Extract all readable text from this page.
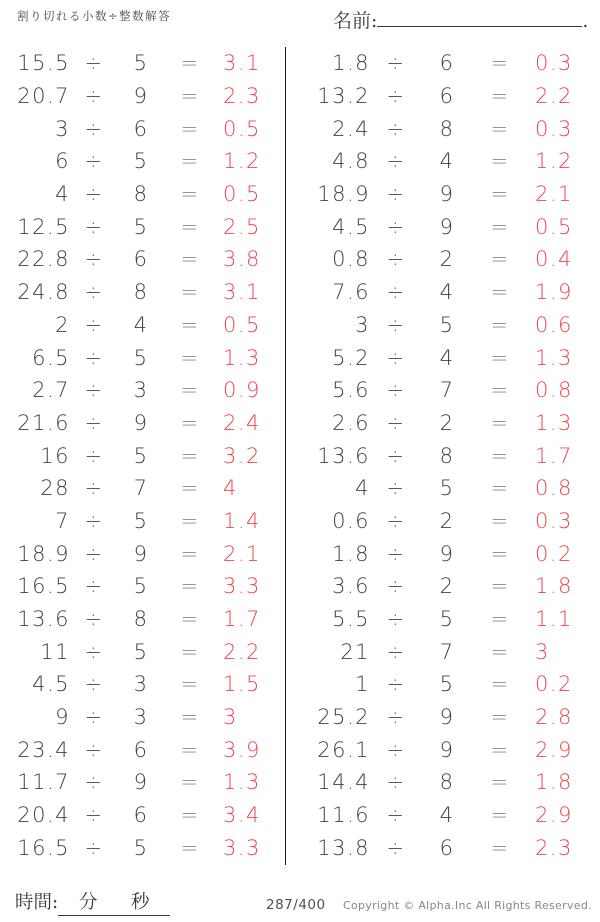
割り切れる小数÷整数解答	名前:	.
15.5 ÷	5	=	3.1
20.7 ÷	9	=	2.3
3 ÷	6	=	0.5
6 ÷	5	=	1.2
4 ÷	8	=	0.5
12.5 ÷	5	=	2.5
22.8 ÷	6	=	3.8
24.8 ÷	8	=	3.1
2 ÷	4	=	0.5
6.5 ÷	5	=	1.3
2.7 ÷	3	=	0.9
21.6 ÷	9	=	2.4
16 ÷	5	=	3.2
28 ÷	7	=	4
7 ÷	5	=	1.4
18.9 ÷	9	=	2.1
16.5 ÷	5	=	3.3
13.6 ÷	8	=	1.7
11 ÷	5	=	2.2
4.5 ÷	3	=	1.5
9 ÷	3	=	3
23.4 ÷	6	=	3.9
11.7 ÷	9	=	1.3
20.4 ÷	6	=	3.4
16.5 ÷	5	=	3.3
1.8 ÷	6	=	0.3
13.2 ÷	6	=	2.2
2.4 ÷	8	=	0.3
4.8 ÷	4	=	1.2
18.9 ÷	9	=	2.1
4.5 ÷	9	=	0.5
0.8 ÷	2	=	0.4
7.6 ÷	4	=	1.9
3 ÷	5	=	0.6
5.2 ÷	4	=	1.3
5.6 ÷	7	=	0.8
2.6 ÷	2	=	1.3
13.6 ÷	8	=	1.7
4 ÷	5	=	0.8
0.6 ÷	2	=	0.3
1.8 ÷	9	=	0.2
3.6 ÷	2	=	1.8
5.5 ÷	5	=	1.1
21 ÷	7	=	3
1 ÷	5	=	0.2
25.2 ÷	9	=	2.8
26.1 ÷	9	=	2.9
14.4 ÷	8	=	1.8
11.6 ÷	4	=	2.9
13.8 ÷	6	=	2.3
時間: 分 秒	287/400 Copyright © Alpha.Inc All Rights Reserved.
